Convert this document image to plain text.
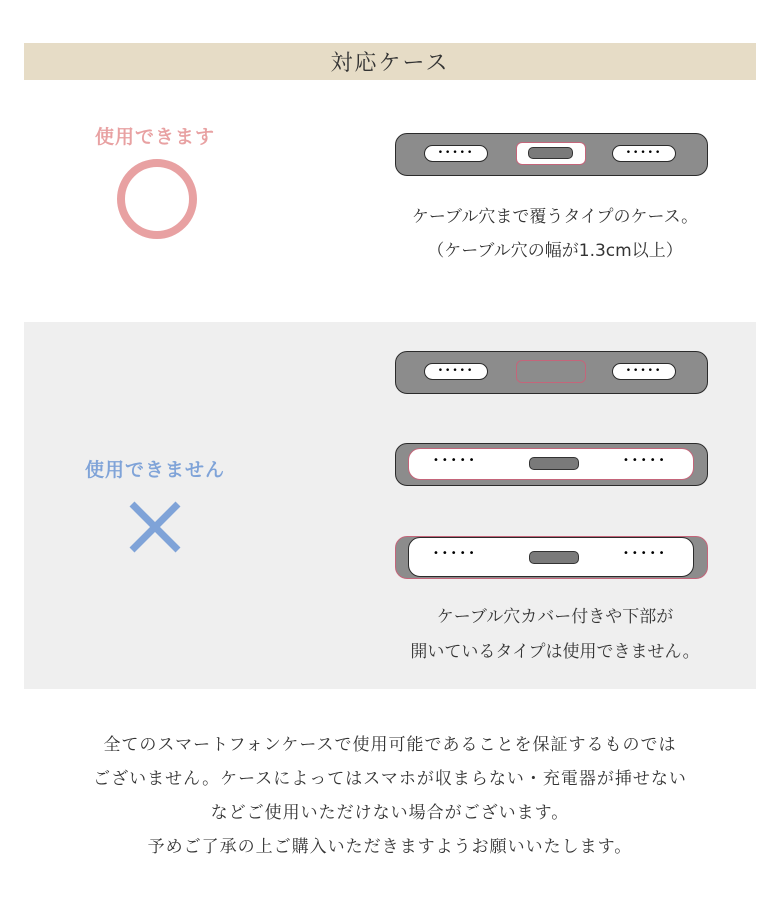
対応ケース
使用できます
•••••	•••••
ケーブル穴まで覆うタイプのケース。
（ケーブル穴の幅が1.3cm以上）
使用できません
•••••	•••••
•••••	•••••
•••••	•••••
ケーブル穴カバー付きや下部が
開いているタイプは使用できません。

全てのスマートフォンケースで使用可能であることを保証するものでは

ございません。ケースによってはスマホが収まらない・充電器が挿せない

などご使用いただけない場合がございます。

予めご了承の上ご購入いただきますようお願いいたします。
